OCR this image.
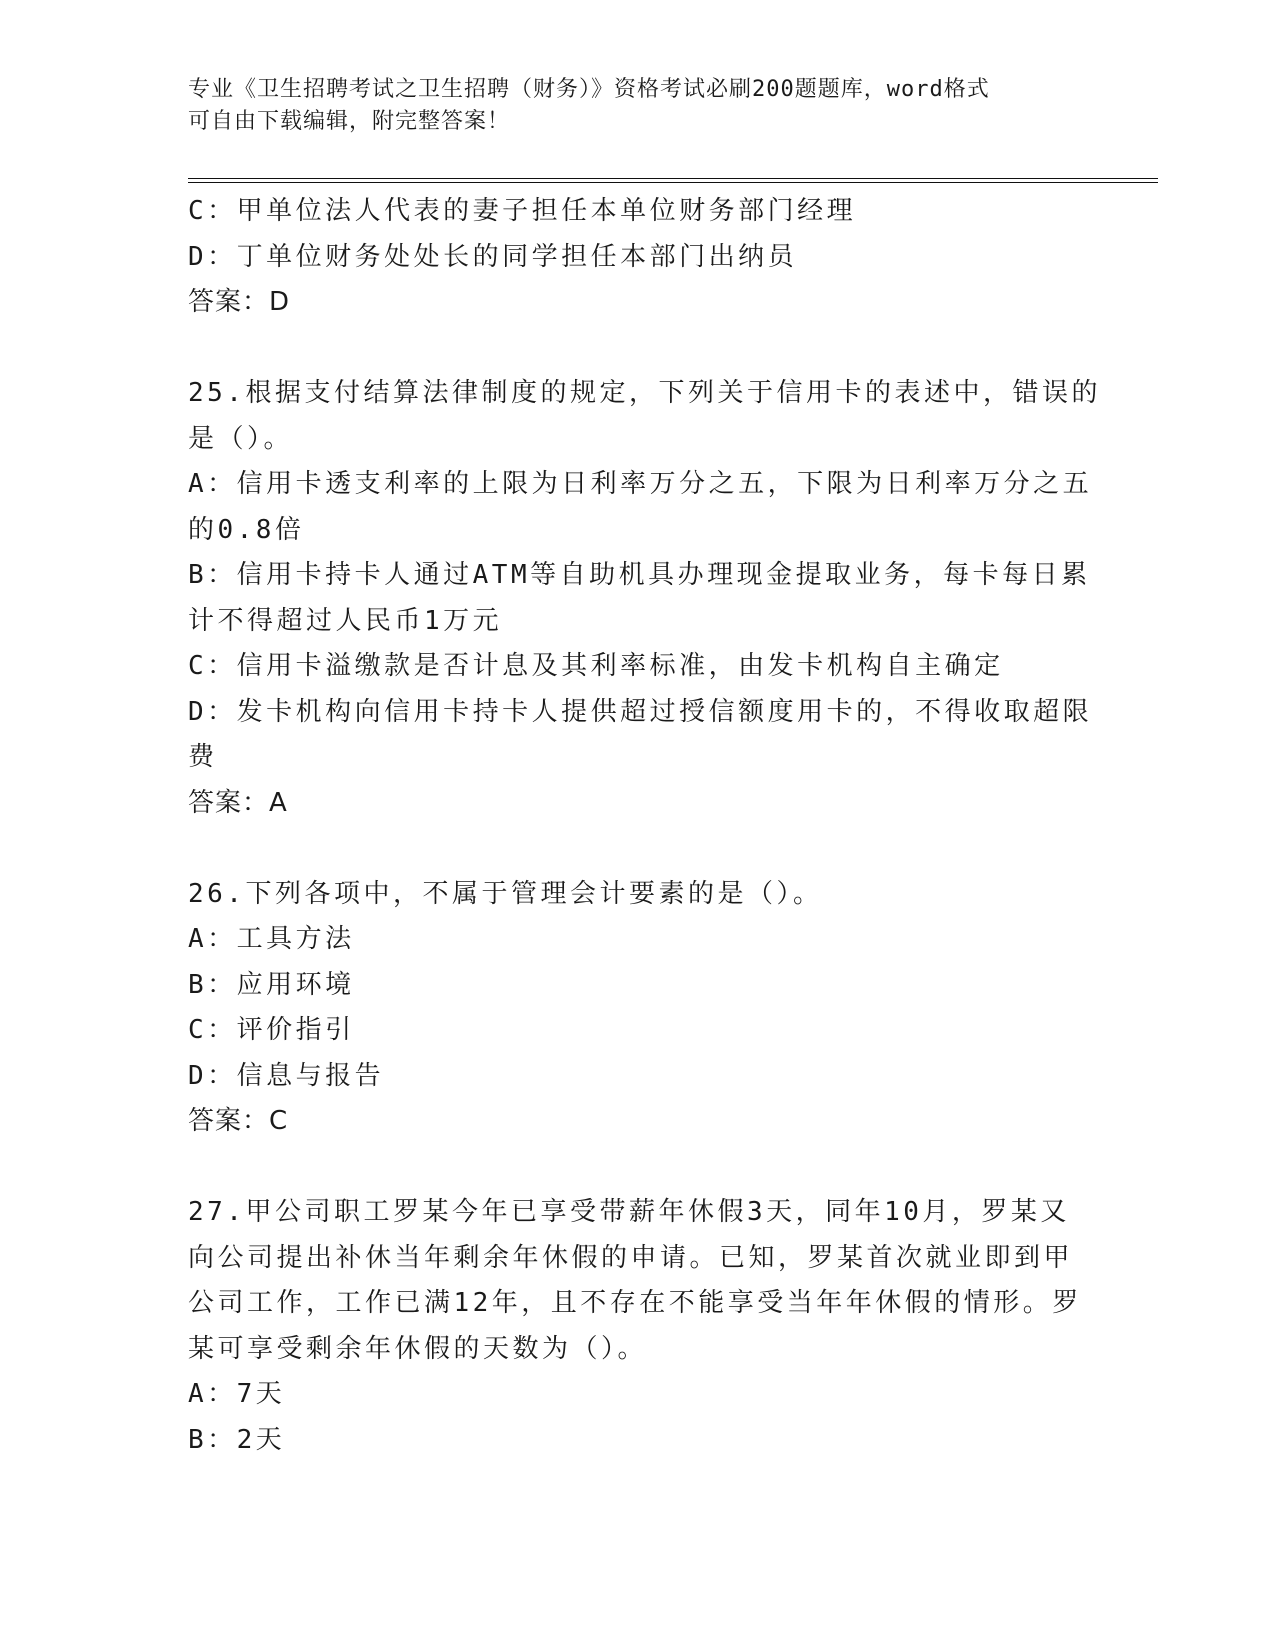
专业《卫生招聘考试之卫生招聘（财务）》资格考试必刷200题题库，word格式
可自由下载编辑，附完整答案！
C：甲单位法人代表的妻子担任本单位财务部门经理
D：丁单位财务处处长的同学担任本部门出纳员
答案：D
25.根据支付结算法律制度的规定，下列关于信用卡的表述中，错误的
是（）。
A：信用卡透支利率的上限为日利率万分之五，下限为日利率万分之五
的0.8倍
B：信用卡持卡人通过ATM等自助机具办理现金提取业务，每卡每日累
计不得超过人民币1万元
C：信用卡溢缴款是否计息及其利率标准，由发卡机构自主确定
D：发卡机构向信用卡持卡人提供超过授信额度用卡的，不得收取超限
费
答案：A
26.下列各项中，不属于管理会计要素的是（）。
A：工具方法
B：应用环境
C：评价指引
D：信息与报告
答案：C
27.甲公司职工罗某今年已享受带薪年休假3天，同年10月，罗某又
向公司提出补休当年剩余年休假的申请。已知，罗某首次就业即到甲
公司工作，工作已满12年，且不存在不能享受当年年休假的情形。罗
某可享受剩余年休假的天数为（）。
A：7天
B：2天
